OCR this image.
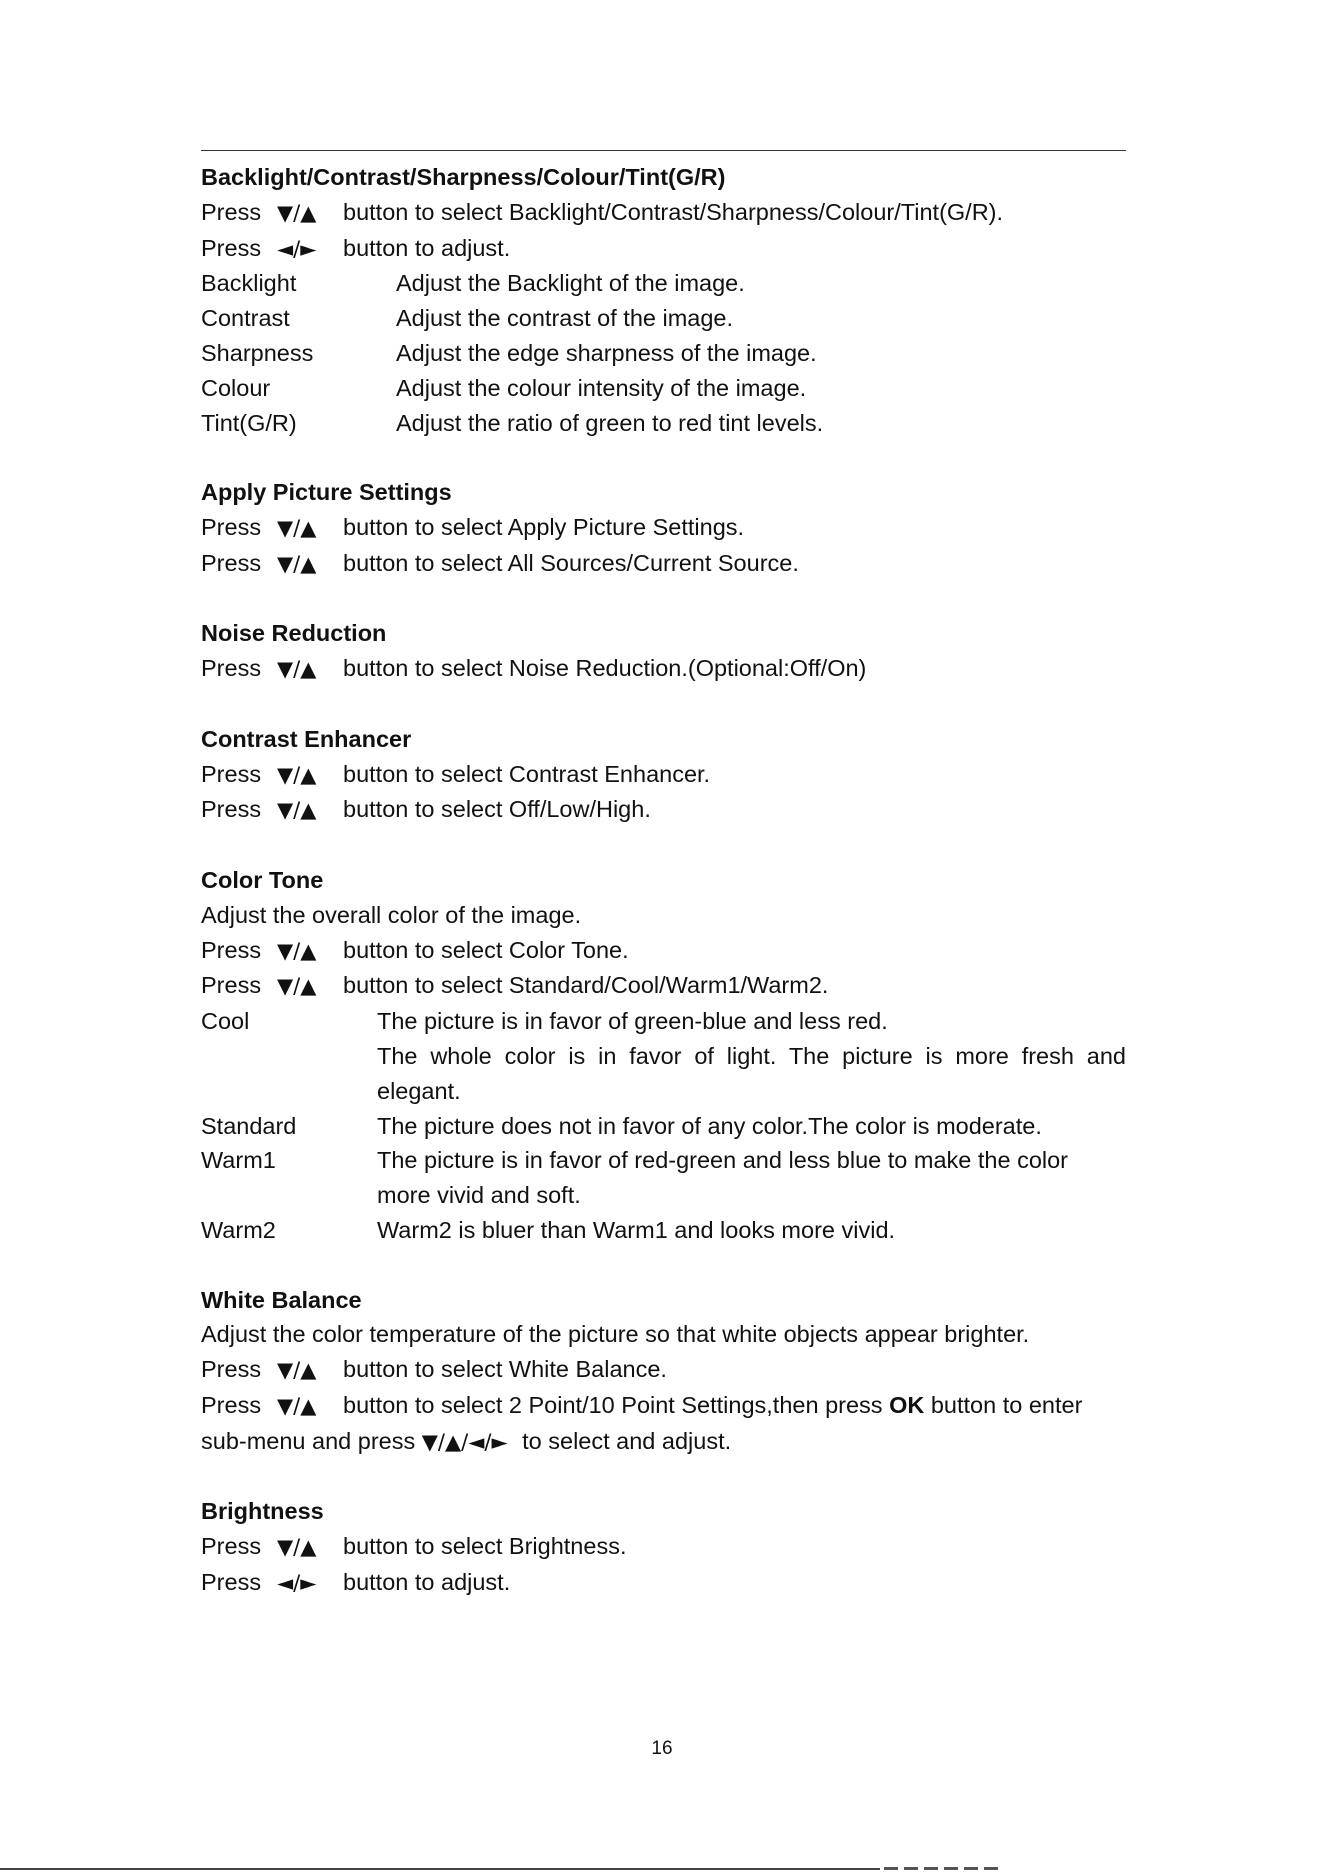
Backlight/Contrast/Sharpness/Colour/Tint(G/R)
Press ▼/▲ button to select Backlight/Contrast/Sharpness/Colour/Tint(G/R).
Press ◄/► button to adjust.
Backlight	Adjust the Backlight of the image.
Contrast	Adjust the contrast of the image.
Sharpness	Adjust the edge sharpness of the image.
Colour	Adjust the colour intensity of the image.
Tint(G/R)	Adjust the ratio of green to red tint levels.
Apply Picture Settings
Press ▼/▲ button to select Apply Picture Settings.
Press ▼/▲ button to select All Sources/Current Source.
Noise Reduction
Press ▼/▲ button to select Noise Reduction.(Optional:Off/On)
Contrast Enhancer
Press ▼/▲ button to select Contrast Enhancer.
Press ▼/▲ button to select Off/Low/High.
Color Tone
Adjust the overall color of the image.
Press ▼/▲ button to select Color Tone.
Press ▼/▲ button to select Standard/Cool/Warm1/Warm2.
Cool	The picture is in favor of green-blue and less red.
The whole color is in favor of light. The picture is more fresh and
elegant.
Standard	The picture does not in favor of any color.The color is moderate.
Warm1	The picture is in favor of red-green and less blue to make the color
more vivid and soft.
Warm2	Warm2 is bluer than Warm1 and looks more vivid.
White Balance
Adjust the color temperature of the picture so that white objects appear brighter.
Press ▼/▲ button to select White Balance.
Press ▼/▲ button to select 2 Point/10 Point Settings,then press OK button to enter
sub-menu and press ▼/▲/◄/► to select and adjust.
Brightness
Press ▼/▲ button to select Brightness.
Press ◄/► button to adjust.
16
